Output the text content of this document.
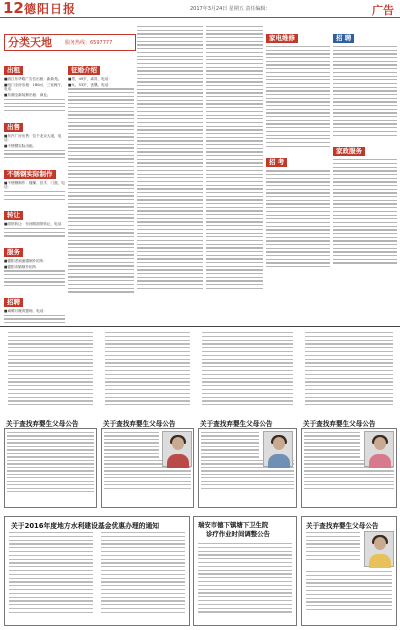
12 德阳日报	2017年3月24日 星期五 责任编辑：	广告
分类天地	服务热线：6597777
出租
■丽江东华路广告位出租：新新苑。
■西门全房出租：180㎡，三室两厅，电话：
■东湖全新装修出租：商业。
出售
■东汽厂房出售：位于北京大道，电话：
■不锈钢实际出租。
不锈钢实际制作
■不锈钢制作：楼梯、扶手、门窗，电话：
转让
■面馆转让：东河路面馆转让，电话：
服务
■德阳老顽童婚姻介绍所：
■德阳市婚姻介绍所
招聘
■诚聘月嫂育婴师，电话：
征婚介绍
■男，49岁，离异，电话：
■女，53岁，丧偶，电话：
家电维修
招 考
招 聘
家政服务
关于查找弃婴生父母公告	关于查找弃婴生父母公告	关于查找弃婴生父母公告	关于查找弃婴生父母公告
关于2016年度地方水利建设基金优惠办理的通知	瑞安市德下镇塘下卫生院
诊疗作业时间调整公告
关于查找弃婴生父母公告
